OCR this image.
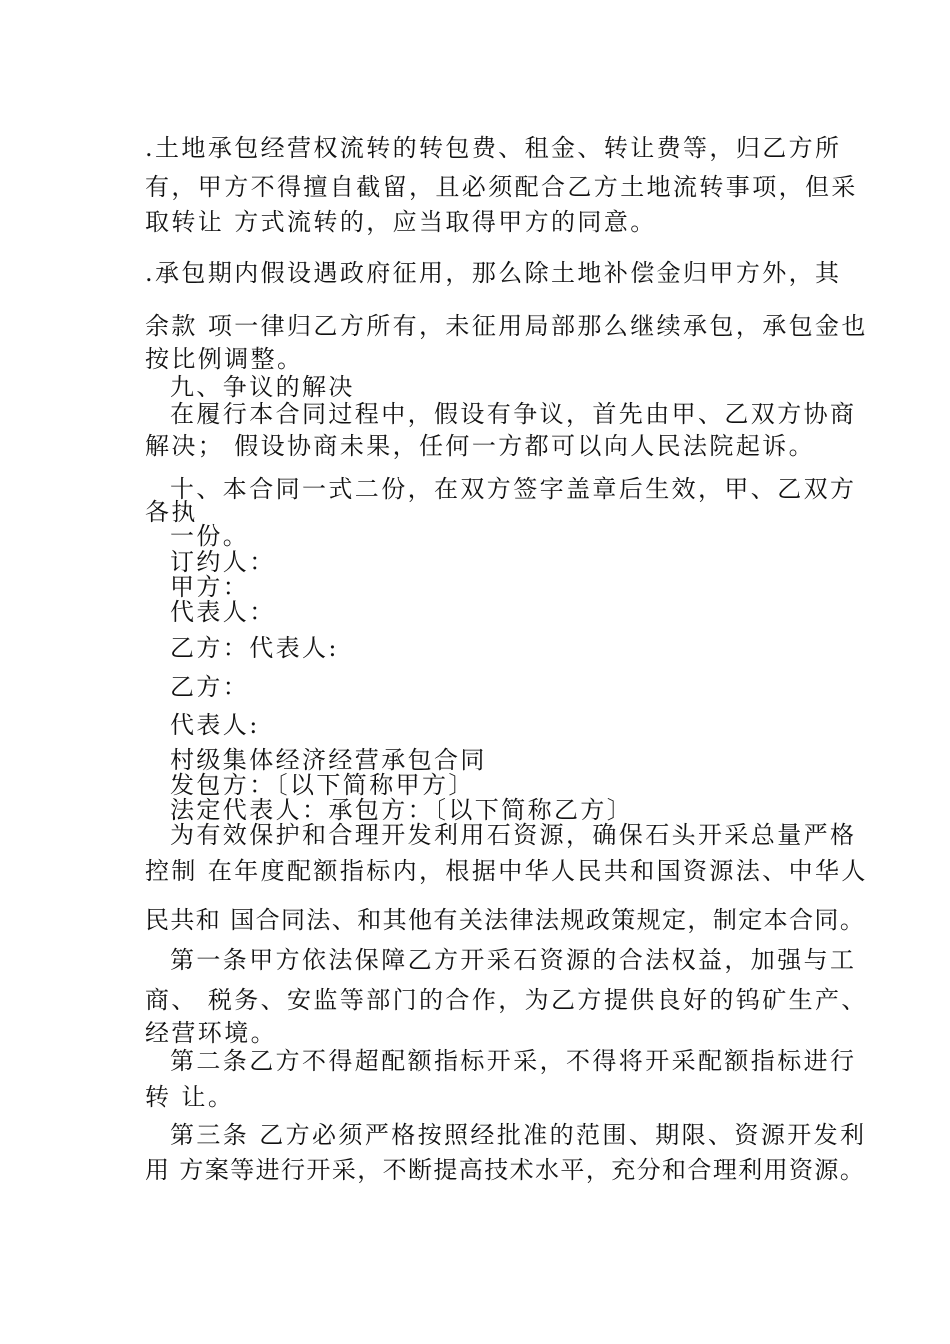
.土地承包经营权流转的转包费、租金、转让费等，归乙方所

有，甲方不得擅自截留，且必须配合乙方土地流转事项，但采

取转让 方式流转的，应当取得甲方的同意。

.承包期内假设遇政府征用，那么除土地补偿金归甲方外，其

余款 项一律归乙方所有，未征用局部那么继续承包，承包金也

按比例调整。

九、争议的解决

在履行本合同过程中，假设有争议，首先由甲、乙双方协商

解决； 假设协商未果，任何一方都可以向人民法院起诉。

十、本合同一式二份，在双方签字盖章后生效，甲、乙双方

各执

一份。

订约人：

甲方：

代表人：

乙方：代表人:

乙方：

代表人:

村级集体经济经营承包合同

发包方：〔以下简称甲方〕

法定代表人：承包方：〔以下简称乙方〕

为有效保护和合理开发利用石资源，确保石头开采总量严格

控制 在年度配额指标内，根据中华人民共和国资源法、中华人

民共和 国合同法、和其他有关法律法规政策规定，制定本合同。

第一条甲方依法保障乙方开采石资源的合法权益，加强与工

商、 税务、安监等部门的合作，为乙方提供良好的钨矿生产、

经营环境。

第二条乙方不得超配额指标开采，不得将开采配额指标进行

转 让。

第三条 乙方必须严格按照经批准的范围、期限、资源开发利

用 方案等进行开采，不断提高技术水平，充分和合理利用资源。
